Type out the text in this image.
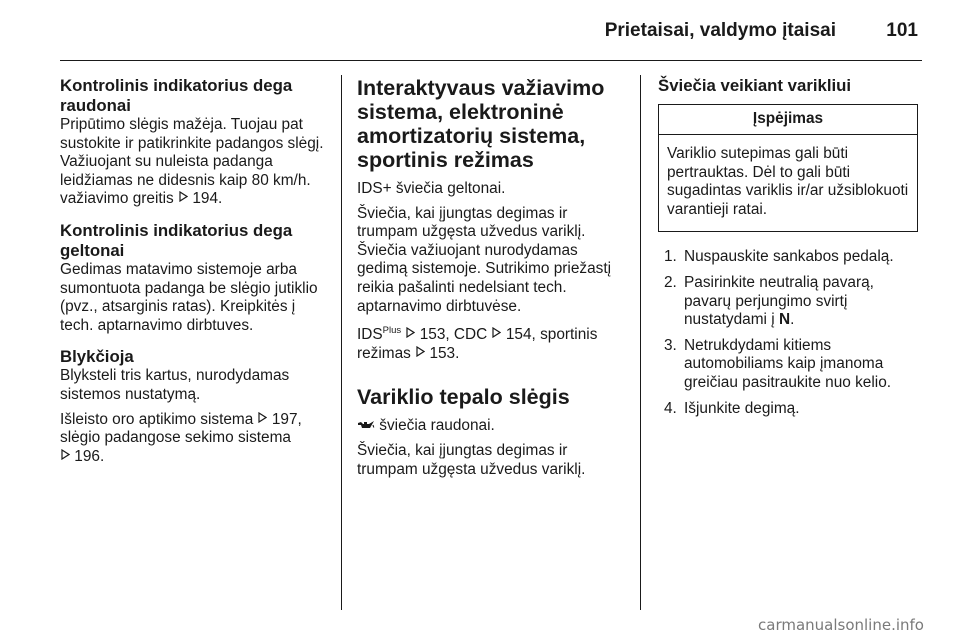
Prietaisai, valdymo įtaisai	101
Kontrolinis indikatorius dega raudonai

Pripūtimo slėgis mažėja. Tuojau pat sustokite ir patikrinkite padangos slėgį. Važiuojant su nuleista padanga leidžiamas ne didesnis kaip 80 km/h. važiavimo greitis 194.

Kontrolinis indikatorius dega geltonai

Gedimas matavimo sistemoje arba sumontuota padanga be slėgio jutiklio (pvz., atsarginis ratas). Kreipkitės į tech. aptarnavimo dirbtuves.

Blykčioja

Blyksteli tris kartus, nurodydamas sistemos nustatymą.

Išleisto oro aptikimo sistema 197, slėgio padangose sekimo sistema
196.

Interaktyvaus važiavimo sistema, elektroninė amortizatorių sistema, sportinis režimas

IDS+ šviečia geltonai.

Šviečia, kai įjungtas degimas ir trumpam užgęsta užvedus variklį. Šviečia važiuojant nurodydamas gedimą sistemoje. Sutrikimo priežastį reikia pašalinti nedelsiant tech. aptarnavimo dirbtuvėse.

$IDS^{Plus}$ 153, CDC 154, sportinis režimas 153.

Variklio tepalo slėgis

šviečia raudonai.

Šviečia, kai įjungtas degimas ir trumpam užgęsta užvedus variklį.

Šviečia veikiant varikliui
Įspėjimas
Variklio sutepimas gali būti pertrauktas. Dėl to gali būti sugadintas variklis ir/ar užsiblokuoti varantieji ratai.
1. Nuspauskite sankabos pedalą.
2. Pasirinkite neutralią pavarą, pavarų perjungimo svirtį nustatydami į N.
3. Netrukdydami kitiems automobiliams kaip įmanoma greičiau pasitraukite nuo kelio.
4. Išjunkite degimą.
carmanualsonline.info
